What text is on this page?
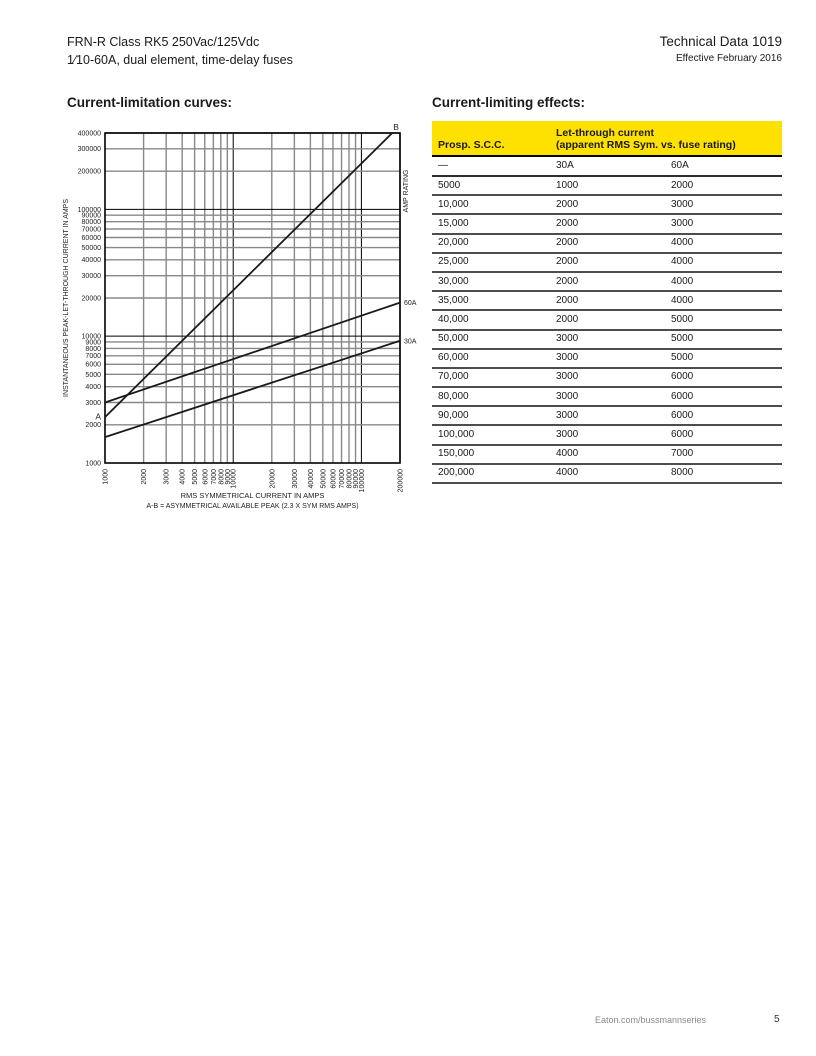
FRN-R Class RK5 250Vac/125Vdc
1⁄10-60A, dual element, time-delay fuses
Technical Data 1019
Effective February 2016
Current-limitation curves:	Current-limiting effects:
1000
2000
3000
4000
5000
6000
7000
8000
9000
10000
20000
30000
40000
50000
60000
70000
80000
90000
100000
200000
300000
400000
1000	2000 3000 4000 5000 6000 7000 8000 9000
10000	20000 30000 40000 50000 60000 70000 80000 90000
100000	200000
A
B
60A
30A
INSTANTANEOUS PEAK-LET-THROUGH CURRENT IN AMPS
AMP RATING
RMS SYMMETRICAL CURRENT IN AMPS
A-B = ASYMMETRICAL AVAILABLE PEAK (2.3 X SYM RMS AMPS)
Prosp. S.C.C.	Let-through current
(apparent RMS Sym. vs. fuse rating)	

—	30A	60A
5000	1000	2000
10,000	2000	3000
15,000	2000	3000
20,000	2000	4000
25,000	2000	4000
30,000	2000	4000
35,000	2000	4000
40,000	2000	5000
50,000	3000	5000
60,000	3000	5000
70,000	3000	6000
80,000	3000	6000
90,000	3000	6000
100,000	3000	6000
150,000	4000	7000
200,000	4000	8000
Eaton.com/bussmannseries	5
